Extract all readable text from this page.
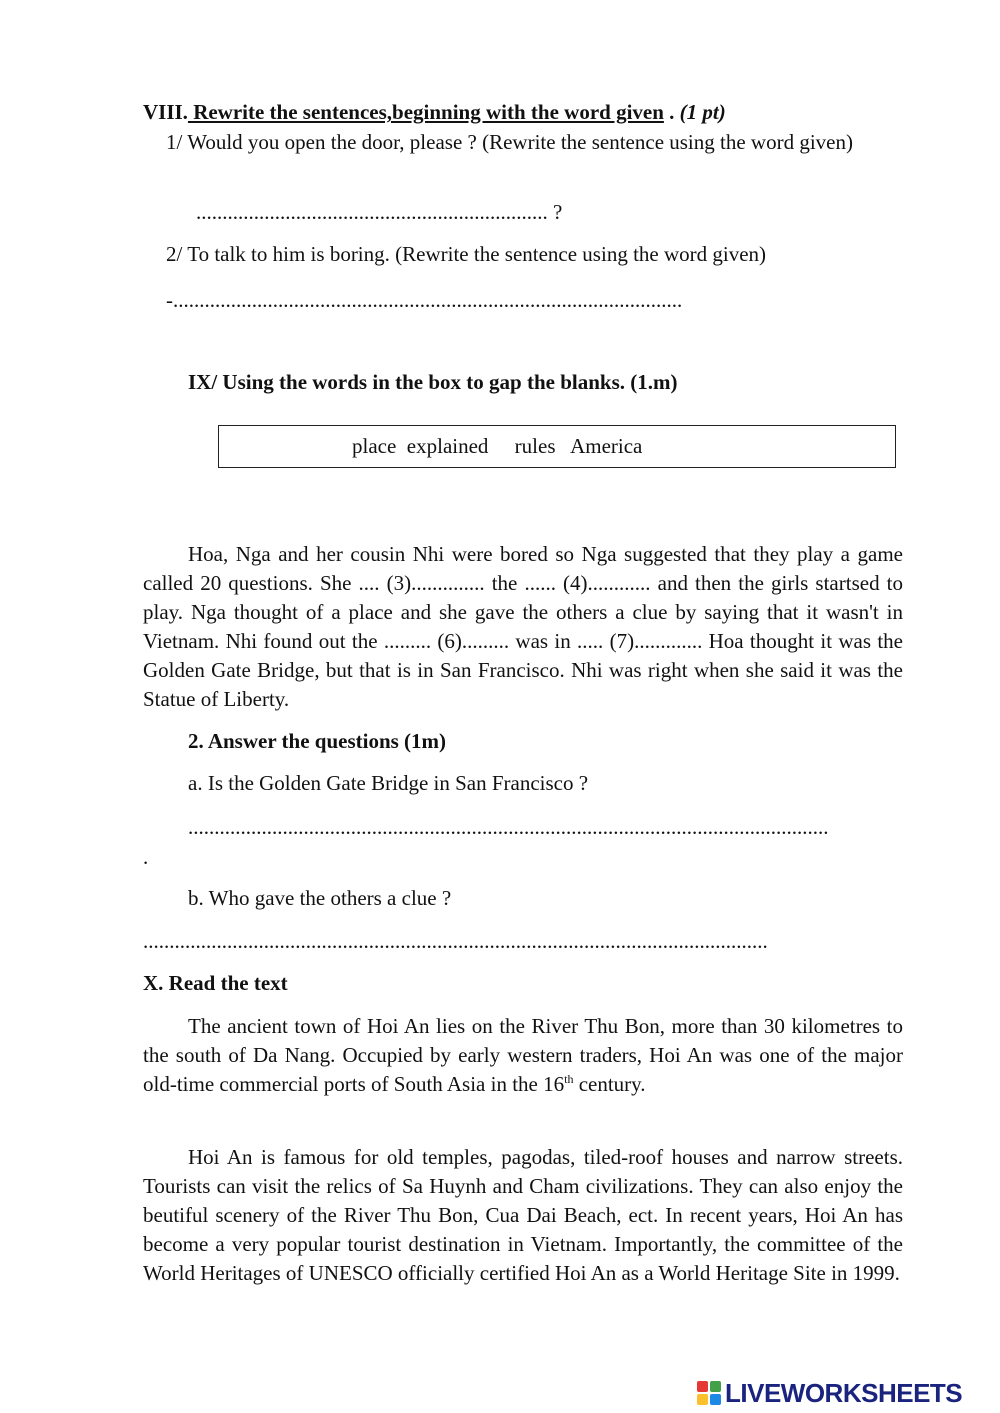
VIII. Rewrite the sentences,beginning with the word given . (1 pt)

1/ Would you open the door, please ? (Rewrite the sentence using the word given)

................................................................... ?
2/ To talk to him is boring. (Rewrite the sentence using the word given)
-.................................................................................................
IX/ Using the words in the box to gap the blanks. (1.m)
place  explained     rules   America

Hoa, Nga and her cousin Nhi were bored so Nga suggested that they play a game called 20 questions. She .... (3).............. the ...... (4)............ and then the girls startsed to play. Nga thought of a place and she gave the others a clue by saying that it wasn't in Vietnam. Nhi found out the ......... (6)......... was in ..... (7)............. Hoa thought it was the Golden Gate Bridge, but that is in San Francisco. Nhi was right when she said it was the Statue of Liberty.

2. Answer the questions (1m)
a. Is the Golden Gate Bridge in San Francisco ?
..........................................................................................................................
.
b. Who gave the others a clue ?
.......................................................................................................................
X. Read the text

The ancient town of Hoi An lies on the River Thu Bon, more than 30 kilometres to the south of Da Nang. Occupied by early western traders, Hoi An was one of the major old-time commercial ports of South Asia in the 16th century.

Hoi An is famous for old temples, pagodas, tiled-roof houses and narrow streets. Tourists can visit the relics of Sa Huynh and Cham civilizations. They can also enjoy the beutiful scenery of the River Thu Bon, Cua Dai Beach, ect. In recent years, Hoi An has become a very popular tourist destination in Vietnam. Importantly, the committee of the World Heritages of UNESCO officially certified Hoi An as a World Heritage Site in 1999.

LIVEWORKSHEETS
